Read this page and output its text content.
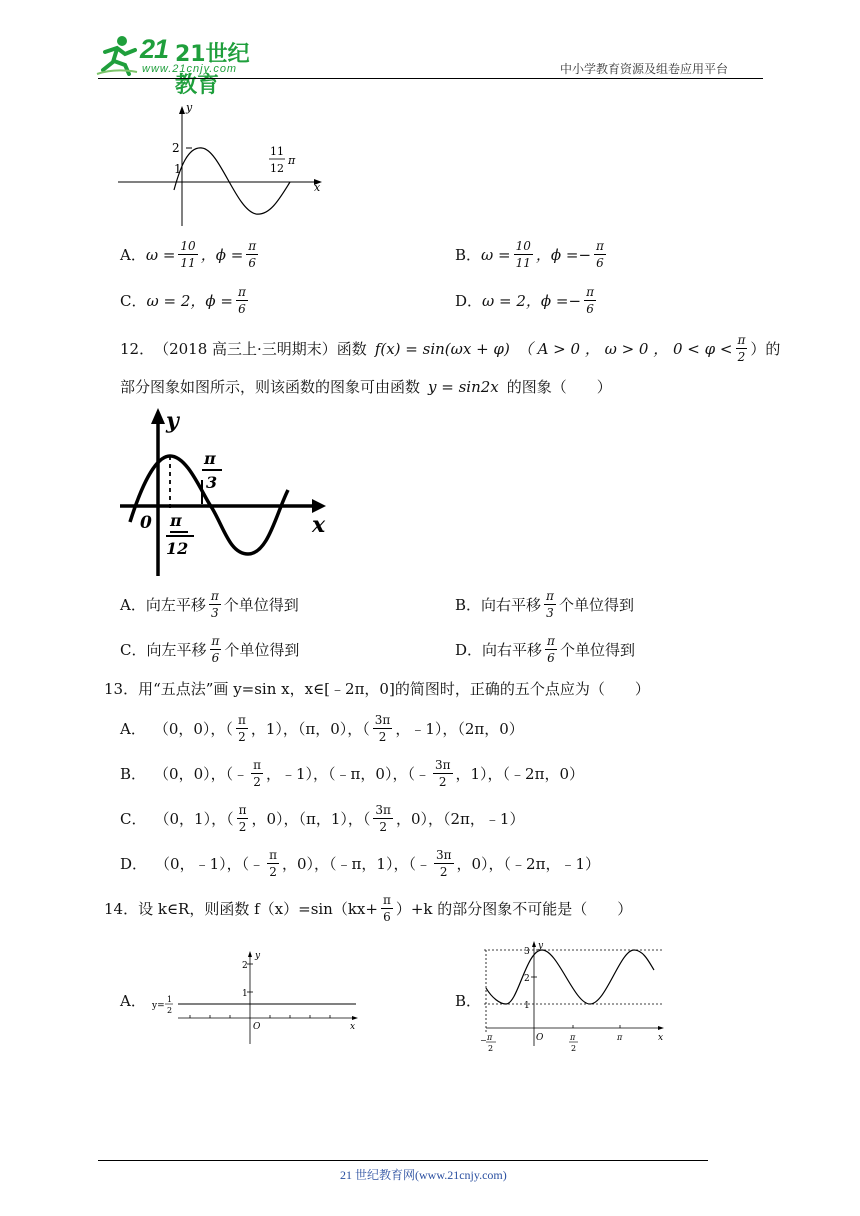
21 21世纪教育
www.21cnjy.com	中小学教育资源及组卷应用平台
y
x
2
1
11
12
π
A． $\omega = \frac{10}{11}$ ，$\phi = \frac{\pi}{6}$	B． $\omega = \frac{10}{11}$ ，ϕ = − $\frac{\pi}{6}$
C． ω = 2 ，$\phi = \frac{\pi}{6}$	D． ω = 2 ，ϕ = − $\frac{\pi}{6}$
12． （2018 高三上·三明期末）函数 f(x) = sin(ωx + φ) （ A > 0 ， ω > 0 ， $0 < \varphi < \frac{\pi}{2}$ ）的
部分图象如图所示，则该函数的图象可由函数 y = sin2x 的图象（　　）
y
x
0
π
3
π
12
A． 向左平移 $\frac{\pi}{3}$ 个单位得到	B． 向右平移 $\frac{\pi}{3}$ 个单位得到
C． 向左平移 $\frac{\pi}{6}$ 个单位得到	D． 向右平移 $\frac{\pi}{6}$ 个单位得到
13．用“五点法”画 y=sin x，x∈[﹣2π，0]的简图时，正确的五个点应为（　　）
A． （0，0），（ $\frac{\pi}{2}$ ，1），（π，0），（ $\frac{3\pi}{2}$ ，﹣1），（2π，0）
B． （0，0），（﹣ $\frac{\pi}{2}$ ，﹣1），（﹣π，0），（﹣ $\frac{3\pi}{2}$ ，1），（﹣2π，0）
C． （0，1），（ $\frac{\pi}{2}$ ，0），（π，1），（ $\frac{3\pi}{2}$ ，0），（2π，﹣1）
D． （0，﹣1），（﹣ $\frac{\pi}{2}$ ，0），（﹣π，1），（﹣ $\frac{3\pi}{2}$ ，0），（﹣2π，﹣1）
14．设 k∈R，则函数 $f(x)=\sin(kx+ \frac{\pi}{6} )+k$ 的部分图象不可能是（　　）
A．
2
1
y
O	x
y=
1
2
B．
3
2
1
y
O	x
− π
2
π
2
π
21 世纪教育网(www.21cnjy.com)
